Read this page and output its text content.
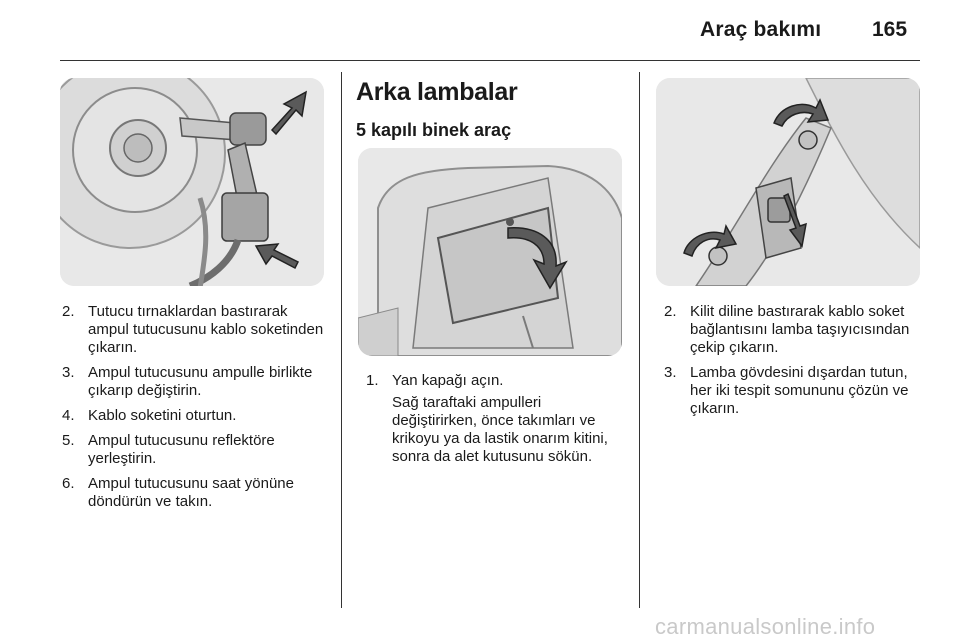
Araç bakımı 165
2. Tutucu tırnaklardan bastırarak ampul tutucusunu kablo soketinden çıkarın.
3. Ampul tutucusunu ampulle birlikte çıkarıp değiştirin.
4. Kablo soketini oturtun.
5. Ampul tutucusunu reflektöre yerleştirin.
6. Ampul tutucusunu saat yönüne döndürün ve takın.
Arka lambalar
5 kapılı binek araç
1. Yan kapağı açın.
Sağ taraftaki ampulleri değiştirirken, önce takımları ve krikoyu ya da lastik onarım kitini, sonra da alet kutusunu sökün.
2. Kilit diline bastırarak kablo soket bağlantısını lamba taşıyıcısından çekip çıkarın.
3. Lamba gövdesini dışardan tutun, her iki tespit somununu çözün ve çıkarın.
carmanualsonline.info
